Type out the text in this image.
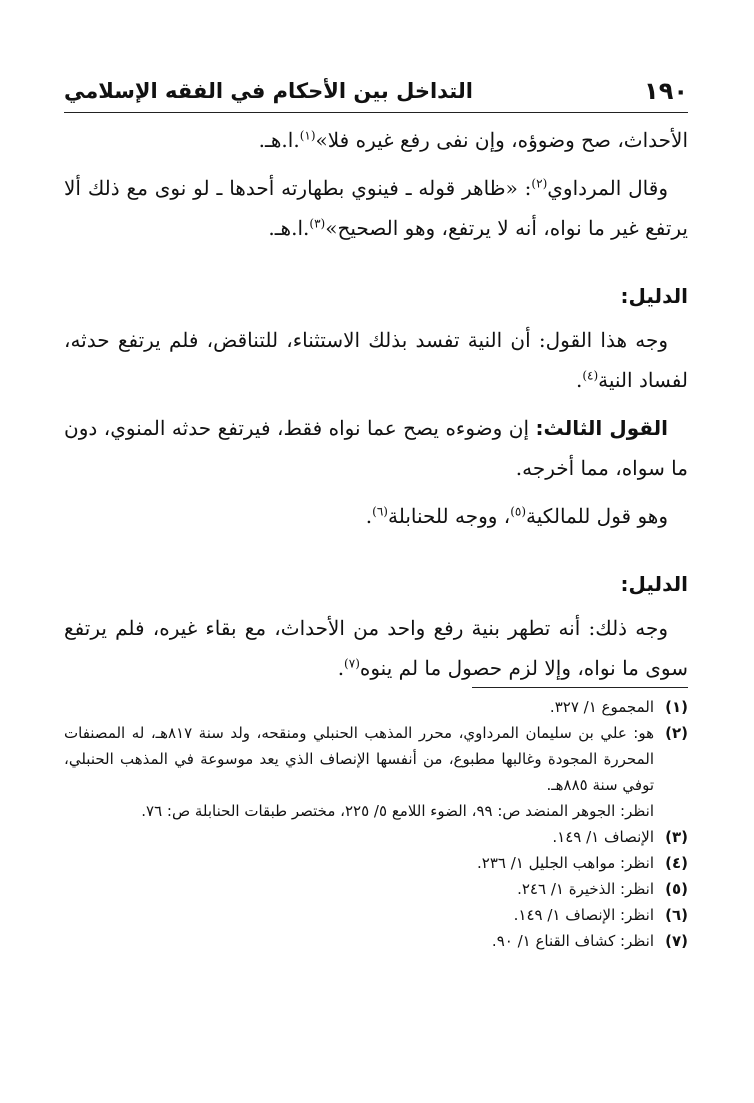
١٩٠
التداخل بين الأحكام في الفقه الإسلامي

الأحداث، صح وضوؤه، وإن نفى رفع غيره فلا»$^{(١)}$.ا.هـ.

وقال المرداوي$^{(٢)}$: «ظاهر قوله ـ فينوي بطهارته أحدها ـ لو نوى مع ذلك ألا يرتفع غير ما نواه، أنه لا يرتفع، وهو الصحيح»$^{(٣)}$.ا.هـ.

الدليل:

وجه هذا القول: أن النية تفسد بذلك الاستثناء، للتناقض، فلم يرتفع حدثه، لفساد النية$^{(٤)}$.

القول الثالث: إن وضوءه يصح عما نواه فقط، فيرتفع حدثه المنوي، دون ما سواه، مما أخرجه.

وهو قول للمالكية$^{(٥)}$، ووجه للحنابلة$^{(٦)}$.

الدليل:

وجه ذلك: أنه تطهر بنية رفع واحد من الأحداث، مع بقاء غيره، فلم يرتفع سوى ما نواه، وإلا لزم حصول ما لم ينوه$^{(٧)}$.

(١)
المجموع ١/ ٣٢٧.
(٢)
هو: علي بن سليمان المرداوي، محرر المذهب الحنبلي ومنقحه، ولد سنة ٨١٧هـ، له المصنفات المحررة المجودة وغالبها مطبوع، من أنفسها الإنصاف الذي يعد موسوعة في المذهب الحنبلي، توفي سنة ٨٨٥هـ.
انظر: الجوهر المنضد ص: ٩٩، الضوء اللامع ٥/ ٢٢٥، مختصر طبقات الحنابلة ص: ٧٦.
(٣)
الإنصاف ١/ ١٤٩.
(٤)
انظر: مواهب الجليل ١/ ٢٣٦.
(٥)
انظر: الذخيرة ١/ ٢٤٦.
(٦)
انظر: الإنصاف ١/ ١٤٩.
(٧)
انظر: كشاف القناع ١/ ٩٠.
